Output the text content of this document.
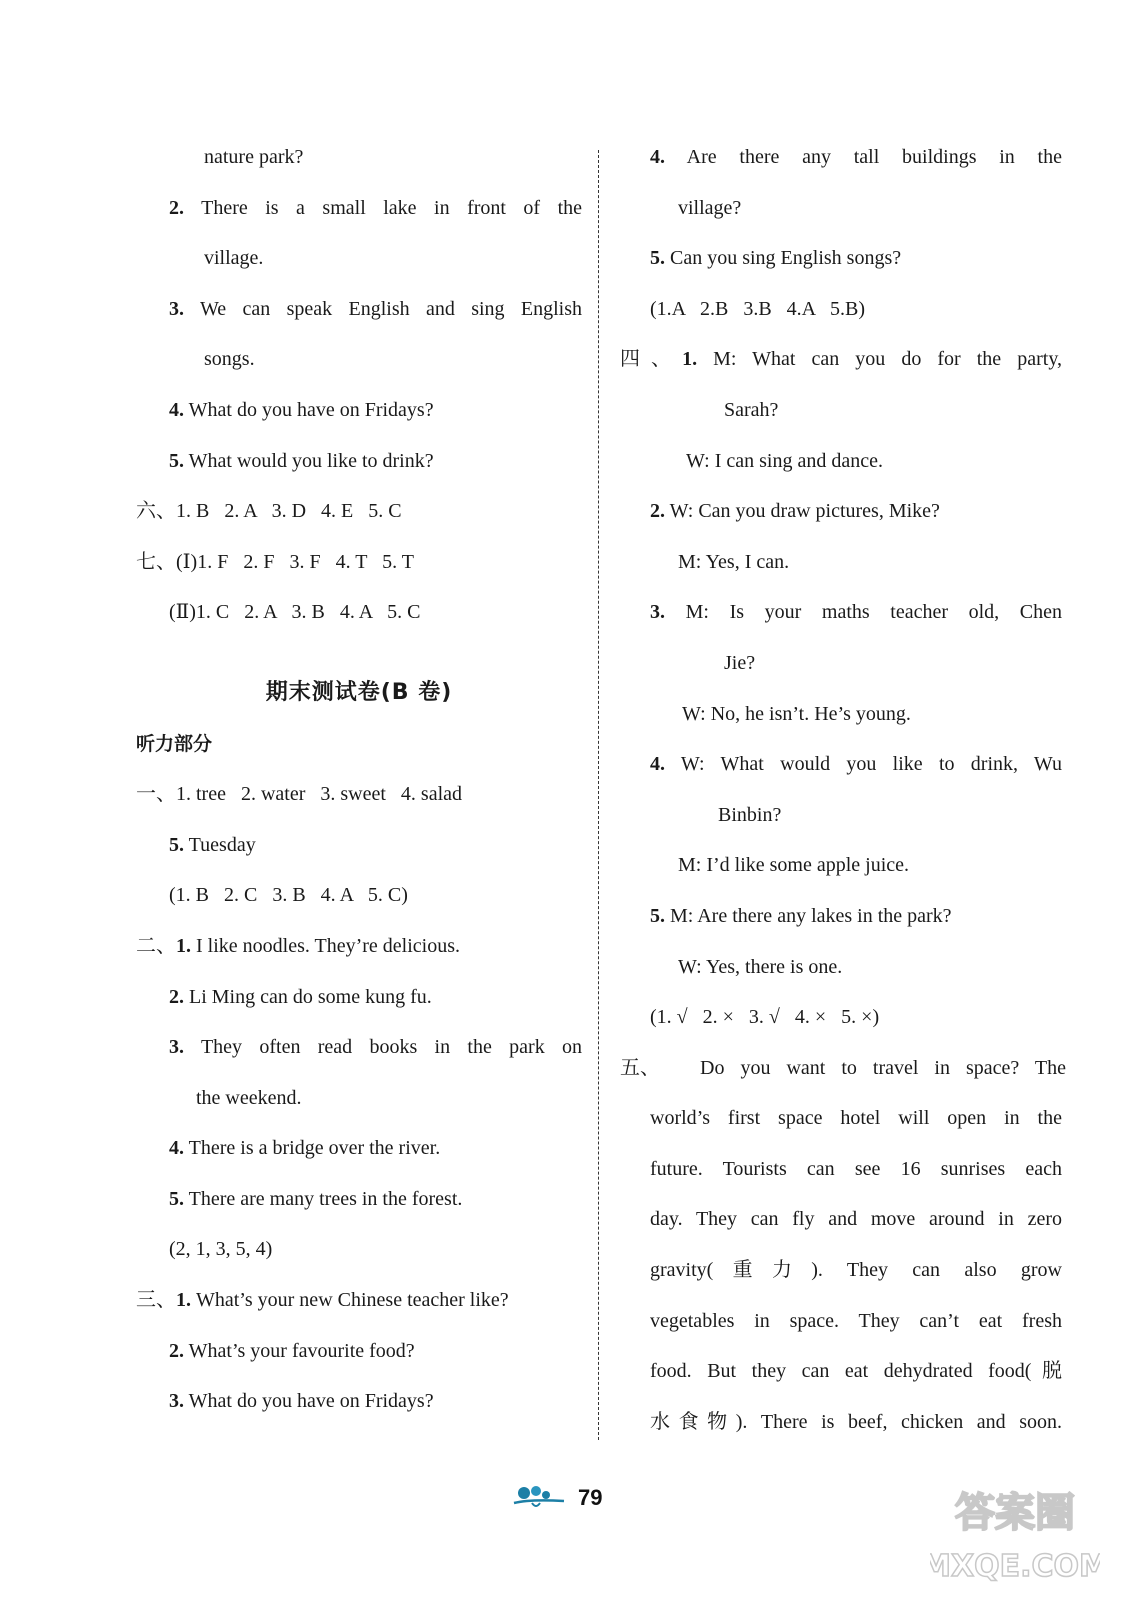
nature park?
2. There is a small lake in front of the
village.
3. We can speak English and sing English
songs.
4. What do you have on Fridays?
5. What would you like to drink?
六、1. B   2. A   3. D   4. E   5. C
七、(Ⅰ)1. F   2. F   3. F   4. T   5. T
(Ⅱ)1. C   2. A   3. B   4. A   5. C
期末测试卷(B 卷)
听力部分
一、1. tree   2. water   3. sweet   4. salad
5. Tuesday
(1. B   2. C   3. B   4. A   5. C)
二、1. I like noodles. They’re delicious.
2. Li Ming can do some kung fu.
3. They often read books in the park on
the weekend.
4. There is a bridge over the river.
5. There are many trees in the forest.
(2, 1, 3, 5, 4)
三、1. What’s your new Chinese teacher like?
2. What’s your favourite food?
3. What do you have on Fridays?
4. Are there any tall buildings in the
village?
5. Can you sing English songs?
(1.A   2.B   3.B   4.A   5.B)
四、1. M: What can you do for the party,
Sarah?
W: I can sing and dance.
2. W: Can you draw pictures, Mike?
M: Yes, I can.
3. M: Is your maths teacher old, Chen
Jie?
W: No, he isn’t. He’s young.
4. W: What would you like to drink, Wu
Binbin?
M: I’d like some apple juice.
5. M: Are there any lakes in the park?
W: Yes, there is one.
(1. √   2. ×   3. √   4. ×   5. ×)
五、 Do you want to travel in space? The
world’s first space hotel will open in the
future. Tourists can see 16 sunrises each
day. They can fly and move around in zero
gravity(重力). They can also grow
vegetables in space. They can’t eat fresh
food. But they can eat dehydrated food(脱
水食物). There is beef, chicken and soon.
79	答案圈
MXQE.COM
